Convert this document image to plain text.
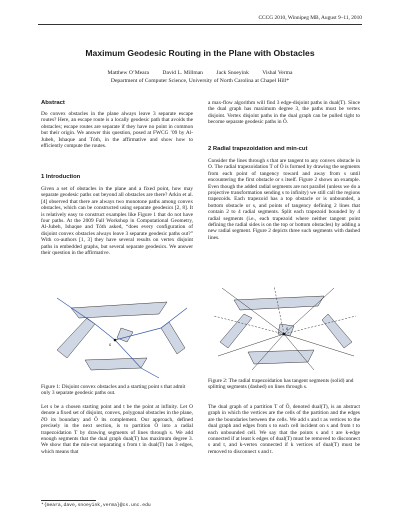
CCCG 2010, Winnipeg MB, August 9–11, 2010
Maximum Geodesic Routing in the Plane with Obstacles
Matthew O’Meara David L. Millman Jack Snoeyink Vishal Verma
Department of Computer Science, University of North Carolina at Chapel Hill*
Abstract
Do convex obstacles in the plane always leave 3 separate escape routes? Here, an escape route is a locally geodesic path that avoids the obstacles; escape routes are separate if they have no point in common but their origin. We answer this question, posed at FWCG ’09 by Al-Jubeh, Ishaque and Tóth, in the affirmative and show how to efficiently compute the routes.
1 Introduction
Given a set of obstacles in the plane and a fixed point, how may separate geodesic paths out beyond all obstacles are there? Arkin et al. [4] observed that there are always two monotone paths among convex obstacles, which can be constructed using separate geodesics [2, 8]. It is relatively easy to construct examples like Figure 1 that do not have four paths. At the 2009 Fall Workshop in Computational Geometry, Al-Jubeh, Ishaque and Tóth asked, “does every configuration of disjoint convex obstacles always leave 3 separate geodesic paths out?” With co-authors [1, 3] they have several results on vertex disjoint paths in embedded graphs, but several separate geodesics. We answer their question in the affirmative.
s
Figure 1: Disjoint convex obstacles and a starting point s that admit only 3 separate geodesic paths out.
Let s be a chosen starting point and t be the point at infinity. Let O denote a fixed set of disjoint, convex, polygonal obstacles in the plane, ∂O its boundary and Ō its complement. Our approach, defined precisely in the next section, is to partition Ō into a radial trapezoidation T by drawing segments of lines through s. We add enough segments that the dual graph dual(T) has maximum degree 3. We show that the min-cut separating s from t in dual(T) has 3 edges, which means that
*{meara,dave,snoeyink,verma}@cs.unc.edu
a max-flow algorithm will find 3 edge-disjoint paths in dual(T). Since the dual graph has maximum degree 3, the paths must be vertex disjoint. Vertex disjoint paths in the dual graph can be pulled tight to become separate geodesic paths in Ō.
2 Radial trapezoidation and min-cut
Consider the lines through s that are tangent to any convex obstacle in O. The radial trapezoidation T of Ō is formed by drawing the segments from each point of tangency toward and away from s until encountering the first obstacle or s itself. Figure 2 shows an example. Even though the added radial segments are not parallel (unless we do a projective transformation sending s to infinity) we still call the regions trapezoids. Each trapezoid has a top obstacle or is unbounded, a bottom obstacle or s, and points of tangency defining 2 lines that contain 2 to 4 radial segments. Split each trapezoid bounded by 4 radial segments (i.e., each trapezoid where neither tangent point defining the radial sides is on the top or bottom obstacles) by adding a new radial segment. Figure 2 depicts three such segments with dashed lines.
s
Figure 2: The radial trapezoidation has tangent segments (solid) and splitting segments (dashed) on lines through s.
The dual graph of a partition T of Ō, denoted dual(T), is an abstract graph in which the vertices are the cells of the partition and the edges are the boundaries between the cells. We add s and t as vertices to the dual graph and edges from s to each cell incident on s and from t to each unbounded cell. We say that the points s and t are k-edge connected if at least k edges of dual(T) must be removed to disconnect s and t, and k-vertex connected if k vertices of dual(T) must be removed to disconnect s and t.
